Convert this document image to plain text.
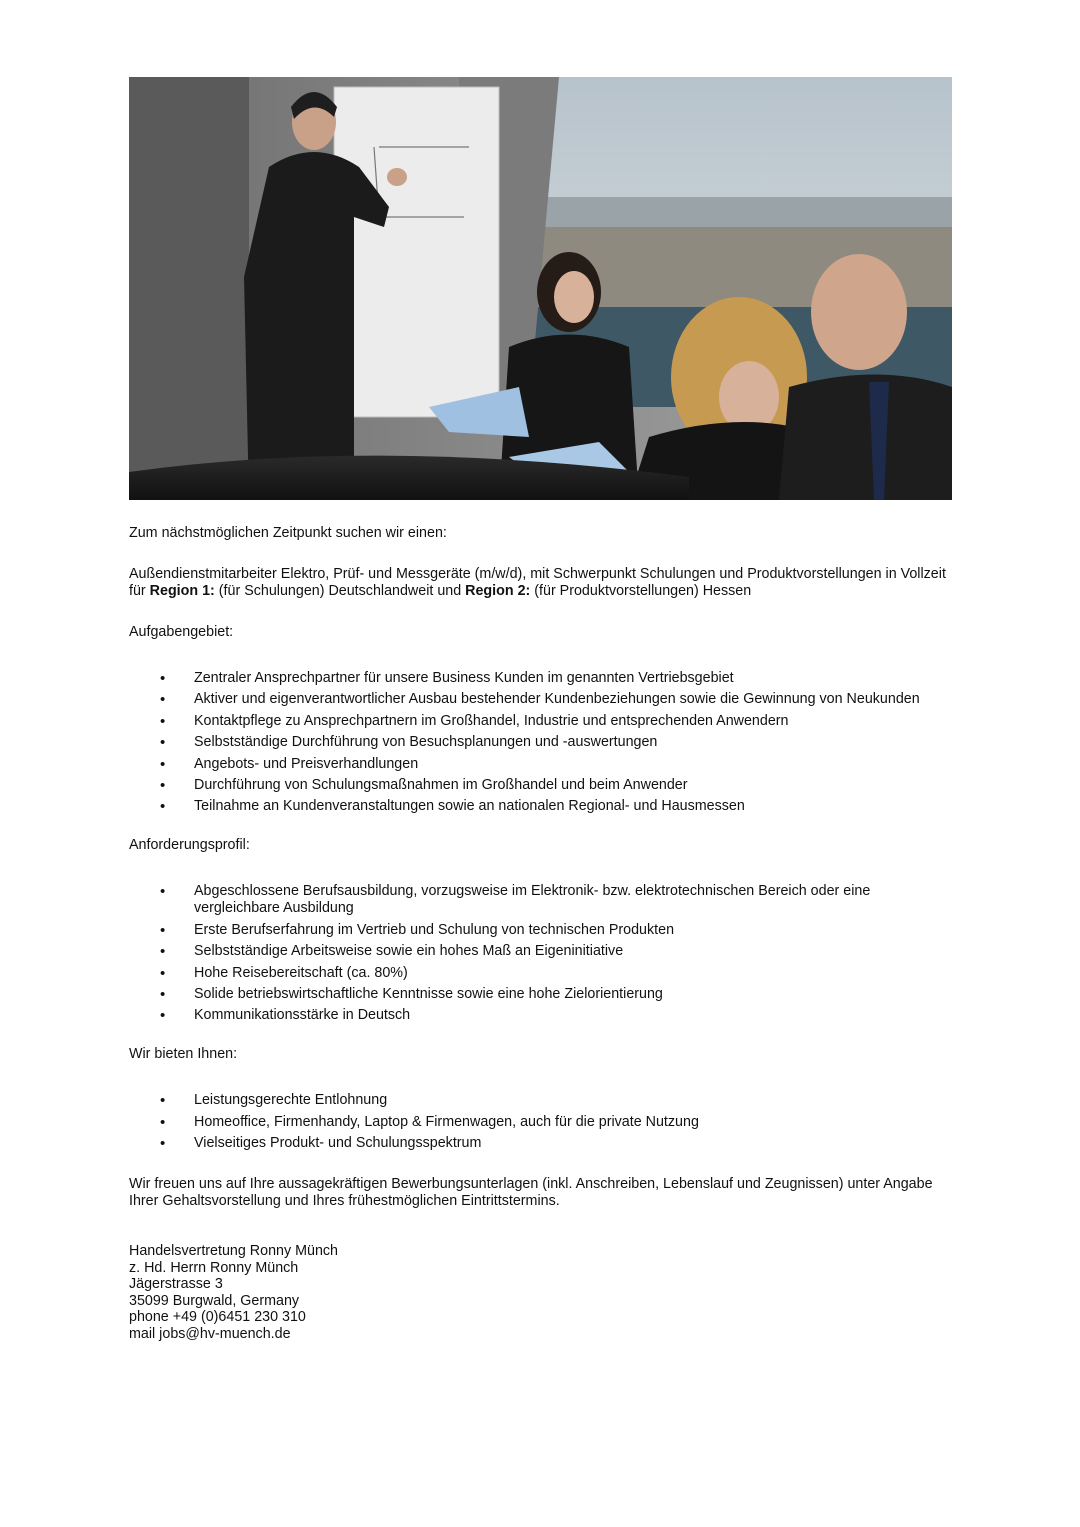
Zum nächstmöglichen Zeitpunkt suchen wir einen:

Außendienstmitarbeiter Elektro, Prüf- und Messgeräte (m/w/d), mit Schwerpunkt Schulungen und Produktvorstellungen in Vollzeit für Region 1: (für Schulungen) Deutschlandweit und Region 2: (für Produktvorstellungen) Hessen

Aufgabengebiet:

• Zentraler Ansprechpartner für unsere Business Kunden im genannten Vertriebsgebiet
• Aktiver und eigenverantwortlicher Ausbau bestehender Kundenbeziehungen sowie die Gewinnung von Neukunden
• Kontaktpflege zu Ansprechpartnern im Großhandel, Industrie und entsprechenden Anwendern
• Selbstständige Durchführung von Besuchsplanungen und -auswertungen
• Angebots- und Preisverhandlungen
• Durchführung von Schulungsmaßnahmen im Großhandel und beim Anwender
• Teilnahme an Kundenveranstaltungen sowie an nationalen Regional- und Hausmessen

Anforderungsprofil:

• Abgeschlossene Berufsausbildung, vorzugsweise im Elektronik- bzw. elektrotechnischen Bereich oder eine vergleichbare Ausbildung
• Erste Berufserfahrung im Vertrieb und Schulung von technischen Produkten
• Selbstständige Arbeitsweise sowie ein hohes Maß an Eigeninitiative
• Hohe Reisebereitschaft (ca. 80%)
• Solide betriebswirtschaftliche Kenntnisse sowie eine hohe Zielorientierung
• Kommunikationsstärke in Deutsch

Wir bieten Ihnen:

• Leistungsgerechte Entlohnung
• Homeoffice, Firmenhandy, Laptop & Firmenwagen, auch für die private Nutzung
• Vielseitiges Produkt- und Schulungsspektrum

Wir freuen uns auf Ihre aussagekräftigen Bewerbungsunterlagen (inkl. Anschreiben, Lebenslauf und Zeugnissen) unter Angabe Ihrer Gehaltsvorstellung und Ihres frühestmöglichen Eintrittstermins.

Handelsvertretung Ronny Münch
z. Hd. Herrn Ronny Münch
Jägerstrasse 3
35099 Burgwald, Germany
phone +49 (0)6451 230 310
mail jobs@hv-muench.de
